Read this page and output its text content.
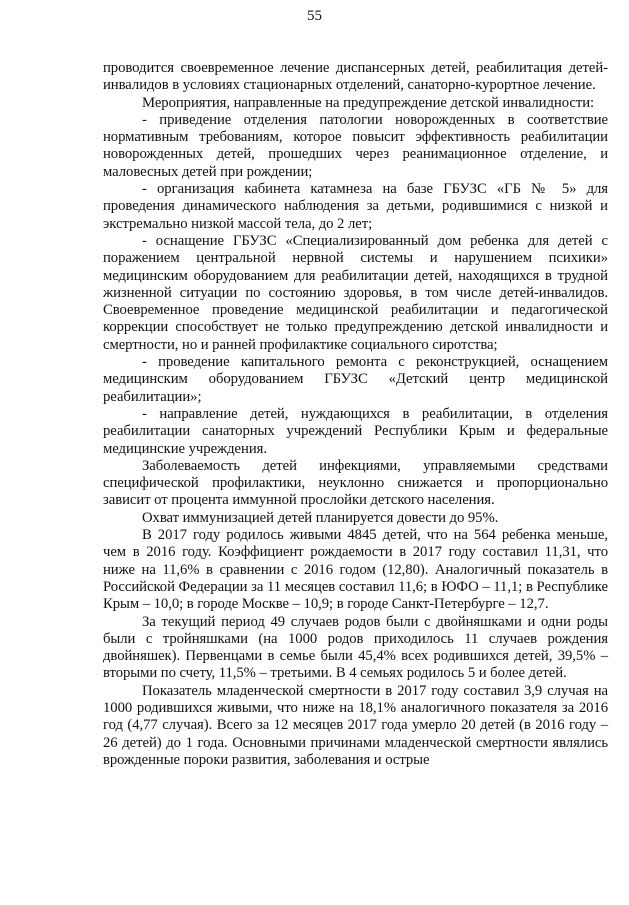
55

проводится своевременное лечение диспансерных детей, реабилитация детей-инвалидов в условиях стационарных отделений, санаторно-курортное лечение.

Мероприятия, направленные на предупреждение детской инвалидности:

- приведение отделения патологии новорожденных в соответствие нормативным требованиям, которое повысит эффективность реабилитации новорожденных детей, прошедших через реанимационное отделение, и маловесных детей при рождении;

- организация кабинета катамнеза на базе ГБУЗС «ГБ № 5» для проведения динамического наблюдения за детьми, родившимися с низкой и экстремально низкой массой тела, до 2 лет;

- оснащение ГБУЗС «Специализированный дом ребенка для детей с поражением центральной нервной системы и нарушением психики» медицинским оборудованием для реабилитации детей, находящихся в трудной жизненной ситуации по состоянию здоровья, в том числе детей-инвалидов. Своевременное проведение медицинской реабилитации и педагогической коррекции способствует не только предупреждению детской инвалидности и смертности, но и ранней профилактике социального сиротства;

- проведение капитального ремонта с реконструкцией, оснащением медицинским оборудованием ГБУЗС «Детский центр медицинской реабилитации»;

- направление детей, нуждающихся в реабилитации, в отделения реабилитации санаторных учреждений Республики Крым и федеральные медицинские учреждения.

Заболеваемость детей инфекциями, управляемыми средствами специфической профилактики, неуклонно снижается и пропорционально зависит от процента иммунной прослойки детского населения.

Охват иммунизацией детей планируется довести до 95%.

В 2017 году родилось живыми 4845 детей, что на 564 ребенка меньше, чем в 2016 году. Коэффициент рождаемости в 2017 году составил 11,31, что ниже на 11,6% в сравнении с 2016 годом (12,80). Аналогичный показатель в Российской Федерации за 11 месяцев составил 11,6; в ЮФО – 11,1; в Республике Крым – 10,0; в городе Москве – 10,9; в городе Санкт-Петербурге – 12,7.

За текущий период 49 случаев родов были с двойняшками и одни роды были с тройняшками (на 1000 родов приходилось 11 случаев рождения двойняшек). Первенцами в семье были 45,4% всех родившихся детей, 39,5% – вторыми по счету, 11,5% – третьими. В 4 семьях родилось 5 и более детей.

Показатель младенческой смертности в 2017 году составил 3,9 случая на 1000 родившихся живыми, что ниже на 18,1% аналогичного показателя за 2016 год (4,77 случая). Всего за 12 месяцев 2017 года умерло 20 детей (в 2016 году – 26 детей) до 1 года. Основными причинами младенческой смертности являлись врожденные пороки развития, заболевания и острые
